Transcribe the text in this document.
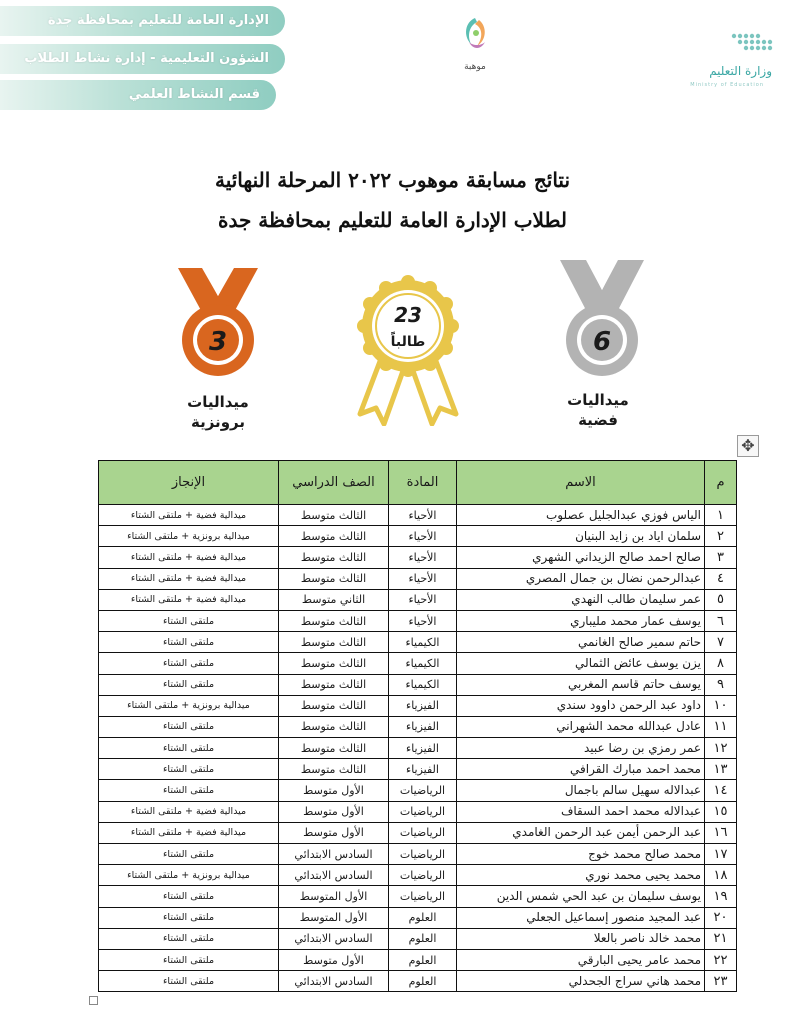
الإدارة العامة للتعليم بمحافظة جدة
الشؤون التعليمية - إدارة نشاط الطلاب
قسم النشاط العلمي
موهبة	وزارة التعليم
Ministry of Education
نتائج مسابقة موهوب ٢٠٢٢ المرحلة النهائية
لطلاب الإدارة العامة للتعليم بمحافظة جدة
3
ميداليات برونزية
23
طالباً	6
ميداليات فضية
✥
م	الاسم	المادة	الصف الدراسي	الإنجاز
١	الياس فوزي عبدالجليل عصلوب	الأحياء	الثالث متوسط	ميدالية فضية + ملتقى الشتاء
٢	سلمان اياد بن زايد البنيان	الأحياء	الثالث متوسط	ميدالية برونزية + ملتقى الشتاء
٣	صالح احمد صالح الزيداني الشهري	الأحياء	الثالث متوسط	ميدالية فضية + ملتقى الشتاء
٤	عبدالرحمن نضال بن جمال المصري	الأحياء	الثالث متوسط	ميدالية فضية + ملتقى الشتاء
٥	عمر سليمان طالب النهدي	الأحياء	الثاني متوسط	ميدالية فضية + ملتقى الشتاء
٦	يوسف عمار محمد مليباري	الأحياء	الثالث متوسط	ملتقى الشتاء
٧	حاتم سمير صالح الغانمي	الكيمياء	الثالث متوسط	ملتقى الشتاء
٨	يزن يوسف عائض الثمالي	الكيمياء	الثالث متوسط	ملتقى الشتاء
٩	يوسف حاتم قاسم المغربي	الكيمياء	الثالث متوسط	ملتقى الشتاء
١٠	داود عبد الرحمن داوود سندي	الفيزياء	الثالث متوسط	ميدالية برونزية + ملتقى الشتاء
١١	عادل عبدالله محمد الشهراني	الفيزياء	الثالث متوسط	ملتقى الشتاء
١٢	عمر رمزي بن رضا عبيد	الفيزياء	الثالث متوسط	ملتقى الشتاء
١٣	محمد احمد مبارك القرافي	الفيزياء	الثالث متوسط	ملتقى الشتاء
١٤	عبدالاله سهيل سالم باجمال	الرياضيات	الأول متوسط	ملتقى الشتاء
١٥	عبدالاله محمد احمد السقاف	الرياضيات	الأول متوسط	ميدالية فضية + ملتقى الشتاء
١٦	عبد الرحمن أيمن عبد الرحمن الغامدي	الرياضيات	الأول متوسط	ميدالية فضية + ملتقى الشتاء
١٧	محمد صالح محمد خوج	الرياضيات	السادس الابتدائي	ملتقى الشتاء
١٨	محمد يحيى محمد نوري	الرياضيات	السادس الابتدائي	ميدالية برونزية + ملتقى الشتاء
١٩	يوسف سليمان بن عبد الحي شمس الدين	الرياضيات	الأول المتوسط	ملتقى الشتاء
٢٠	عبد المجيد منصور إسماعيل الجعلي	العلوم	الأول المتوسط	ملتقى الشتاء
٢١	محمد خالد ناصر بالعلا	العلوم	السادس الابتدائي	ملتقى الشتاء
٢٢	محمد عامر يحيى البارقي	العلوم	الأول متوسط	ملتقى الشتاء
٢٣	محمد هاني سراج الجحدلي	العلوم	السادس الابتدائي	ملتقى الشتاء
